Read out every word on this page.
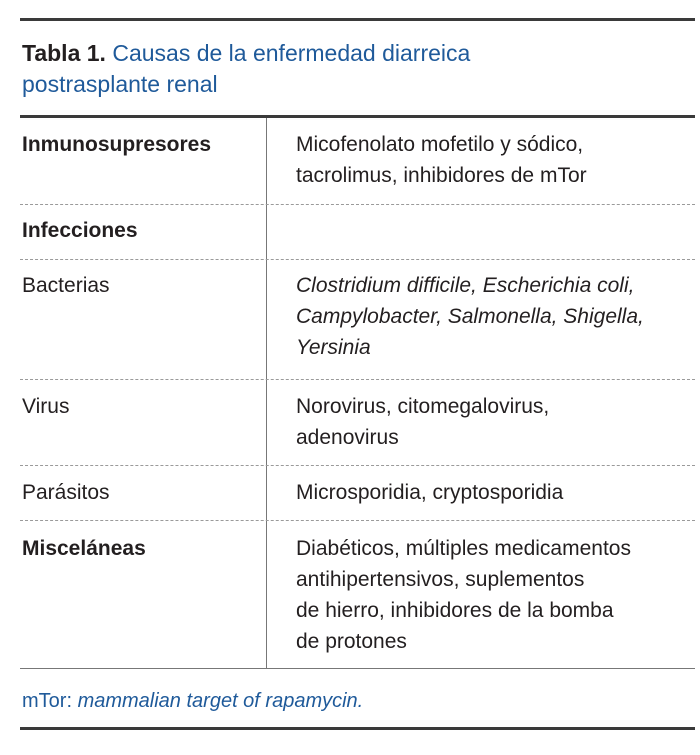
Tabla 1. Causas de la enfermedad diarreica
postrasplante renal
Inmunosupresores	Micofenolato mofetilo y sódico,
tacrolimus, inhibidores de mTor
Infecciones
Bacterias	Clostridium difficile, Escherichia coli,
Campylobacter, Salmonella, Shigella,
Yersinia
Virus	Norovirus, citomegalovirus,
adenovirus
Parásitos	Microsporidia, cryptosporidia
Misceláneas	Diabéticos, múltiples medicamentos
antihipertensivos, suplementos
de hierro, inhibidores de la bomba
de protones
mTor: mammalian target of rapamycin.
